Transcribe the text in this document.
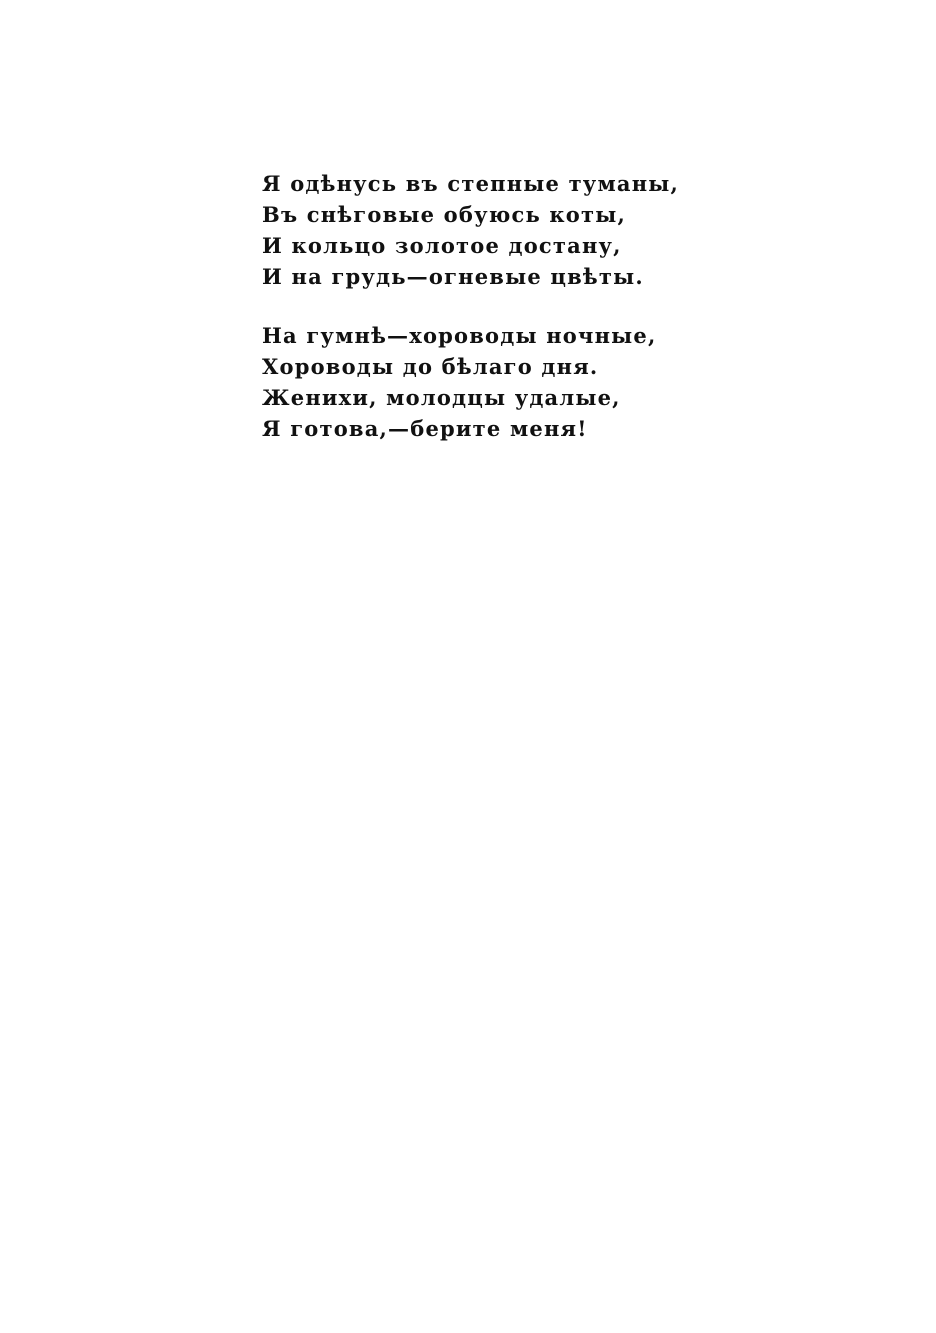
Я одѣнусь въ степные туманы,
Въ снѣговые обуюсь коты,
И кольцо золотое достану,
И на грудь—огневые цвѣты.
На гумнѣ—хороводы ночные,
Хороводы до бѣлаго дня.
Женихи, молодцы удалые,
Я готова,—берите меня!
